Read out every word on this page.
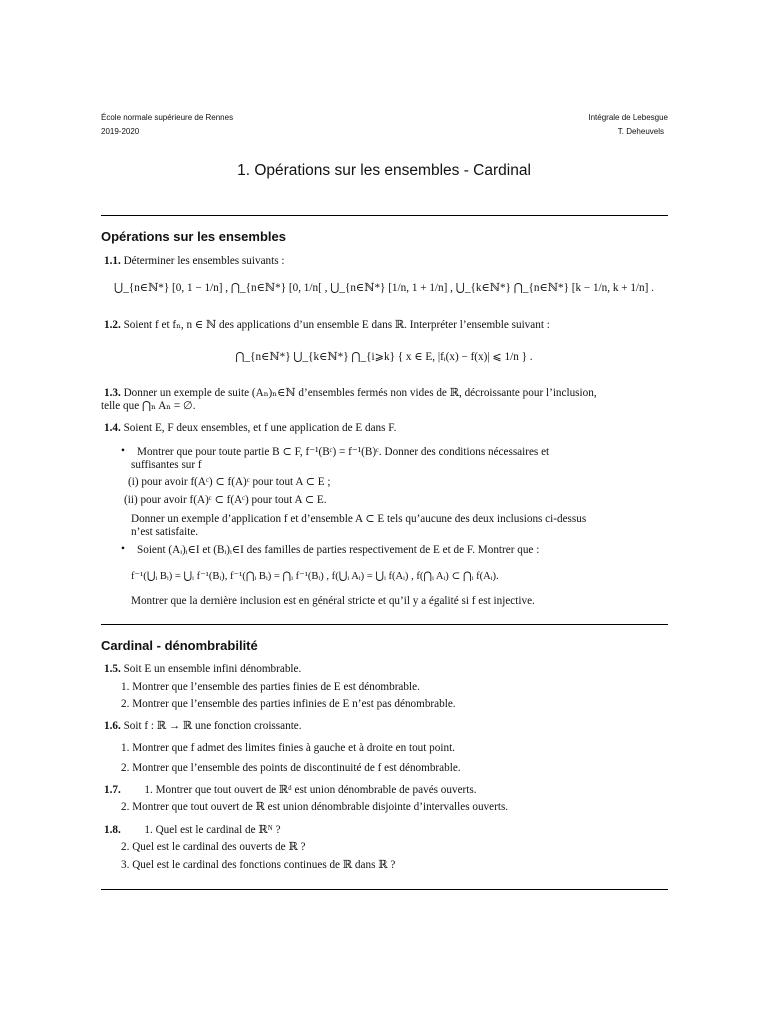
École normale supérieure de Rennes
2019-2020
Intégrale de Lebesgue
T. Deheuvels
1. Opérations sur les ensembles - Cardinal
Opérations sur les ensembles
1.1. Déterminer les ensembles suivants :
⋃_{n∈ℕ*} [0, 1 − 1/n] , ⋂_{n∈ℕ*} [0, 1/n[ , ⋃_{n∈ℕ*} [1/n, 1 + 1/n] , ⋃_{k∈ℕ*} ⋂_{n∈ℕ*} [k − 1/n, k + 1/n] .
1.2. Soient f et fₙ, n ∈ ℕ des applications d’un ensemble E dans ℝ. Interpréter l’ensemble suivant :
⋂_{n∈ℕ*} ⋃_{k∈ℕ*} ⋂_{i⩾k} { x ∈ E, |fᵢ(x) − f(x)| ⩽ 1/n } .
1.3. Donner un exemple de suite (Aₙ)ₙ∈ℕ d’ensembles fermés non vides de ℝ, décroissante pour l’inclusion,
telle que ⋂ₙ Aₙ = ∅.
1.4. Soient E, F deux ensembles, et f une application de E dans F.
• Montrer que pour toute partie B ⊂ F, f⁻¹(Bᶜ) = f⁻¹(B)ᶜ. Donner des conditions nécessaires et
suffisantes sur f
(i) pour avoir f(Aᶜ) ⊂ f(A)ᶜ pour tout A ⊂ E ;
(ii) pour avoir f(A)ᶜ ⊂ f(Aᶜ) pour tout A ⊂ E.
Donner un exemple d’application f et d’ensemble A ⊂ E tels qu’aucune des deux inclusions ci-dessus
n’est satisfaite.
• Soient (Aᵢ)ᵢ∈I et (Bᵢ)ᵢ∈I des familles de parties respectivement de E et de F. Montrer que :
f⁻¹(⋃ᵢ Bᵢ) = ⋃ᵢ f⁻¹(Bᵢ), f⁻¹(⋂ᵢ Bᵢ) = ⋂ᵢ f⁻¹(Bᵢ) , f(⋃ᵢ Aᵢ) = ⋃ᵢ f(Aᵢ) , f(⋂ᵢ Aᵢ) ⊂ ⋂ᵢ f(Aᵢ).
Montrer que la dernière inclusion est en général stricte et qu’il y a égalité si f est injective.
Cardinal - dénombrabilité
1.5. Soit E un ensemble infini dénombrable.
1. Montrer que l’ensemble des parties finies de E est dénombrable.
2. Montrer que l’ensemble des parties infinies de E n’est pas dénombrable.
1.6. Soit f : ℝ → ℝ une fonction croissante.
1. Montrer que f admet des limites finies à gauche et à droite en tout point.
2. Montrer que l’ensemble des points de discontinuité de f est dénombrable.
1.7. 1. Montrer que tout ouvert de ℝᵈ est union dénombrable de pavés ouverts.
2. Montrer que tout ouvert de ℝ est union dénombrable disjointe d’intervalles ouverts.
1.8. 1. Quel est le cardinal de ℝᴺ ?
2. Quel est le cardinal des ouverts de ℝ ?
3. Quel est le cardinal des fonctions continues de ℝ dans ℝ ?
